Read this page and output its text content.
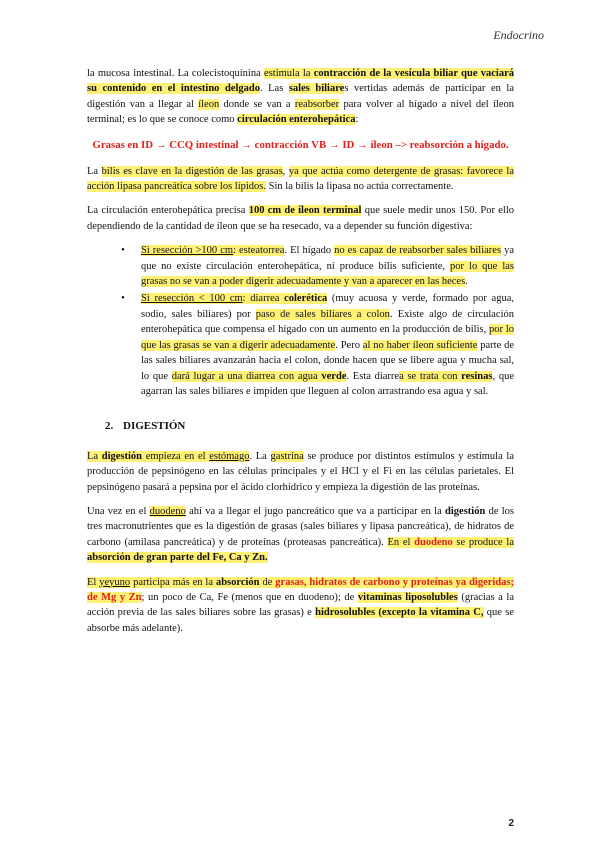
Endocrino

la mucosa intestinal. La colecistoquinina estimula la contracción de la vesícula biliar que vaciará su contenido en el intestino delgado. Las sales biliares vertidas además de participar en la digestión van a llegar al íleon donde se van a reabsorber para volver al hígado a nivel del íleon terminal; es lo que se conoce como circulación enterohepática:

Grasas en ID → CCQ intestinal → contracción VB → ID → íleon –> reabsorción a hígado.

La bilis es clave en la digestión de las grasas, ya que actúa como detergente de grasas: favorece la acción lipasa pancreática sobre los lípidos. Sin la bilis la lipasa no actúa correctamente.

La circulación enterohepática precisa 100 cm de íleon terminal que suele medir unos 150. Por ello dependiendo de la cantidad de íleon que se ha resecado, va a depender su función digestiva:

• Si resección >100 cm: esteatorrea. El hígado no es capaz de reabsorber sales biliares ya que no existe circulación enterohepática, ni produce bilis suficiente, por lo que las grasas no se van a poder digerir adecuadamente y van a aparecer en las heces.
• Si resección < 100 cm: diarrea colerética (muy acuosa y verde, formado por agua, sodio, sales biliares) por paso de sales biliares a colon. Existe algo de circulación enterohepática que compensa el hígado con un aumento en la producción de bilis, por lo que las grasas se van a digerir adecuadamente. Pero al no haber íleon suficiente parte de las sales biliares avanzarán hacia el colon, donde hacen que se libere agua y mucha sal, lo que dará lugar a una diarrea con agua verde. Esta diarrea se trata con resinas, que agarran las sales biliares e impiden que lleguen al colon arrastrando esa agua y sal.
2. DIGESTIÓN

La digestión empieza en el estómago. La gastrina se produce por distintos estímulos y estimula la producción de pepsinógeno en las células principales y el HCl y el Fi en las células parietales. El pepsinógeno pasará a pepsina por el ácido clorhídrico y empieza la digestión de las proteínas.

Una vez en el duodeno ahí va a llegar el jugo pancreático que va a participar en la digestión de los tres macronutrientes que es la digestión de grasas (sales biliares y lipasa pancreática), de hidratos de carbono (amilasa pancreática) y de proteínas (proteasas pancreática). En el duodeno se produce la absorción de gran parte del Fe, Ca y Zn.

El yeyuno participa más en la absorción de grasas, hidratos de carbono y proteínas ya digeridas; de Mg y Zn; un poco de Ca, Fe (menos que en duodeno); de vitaminas liposolubles (gracias a la acción previa de las sales biliares sobre las grasas) e hidrosolubles (excepto la vitamina C, que se absorbe más adelante).

2
